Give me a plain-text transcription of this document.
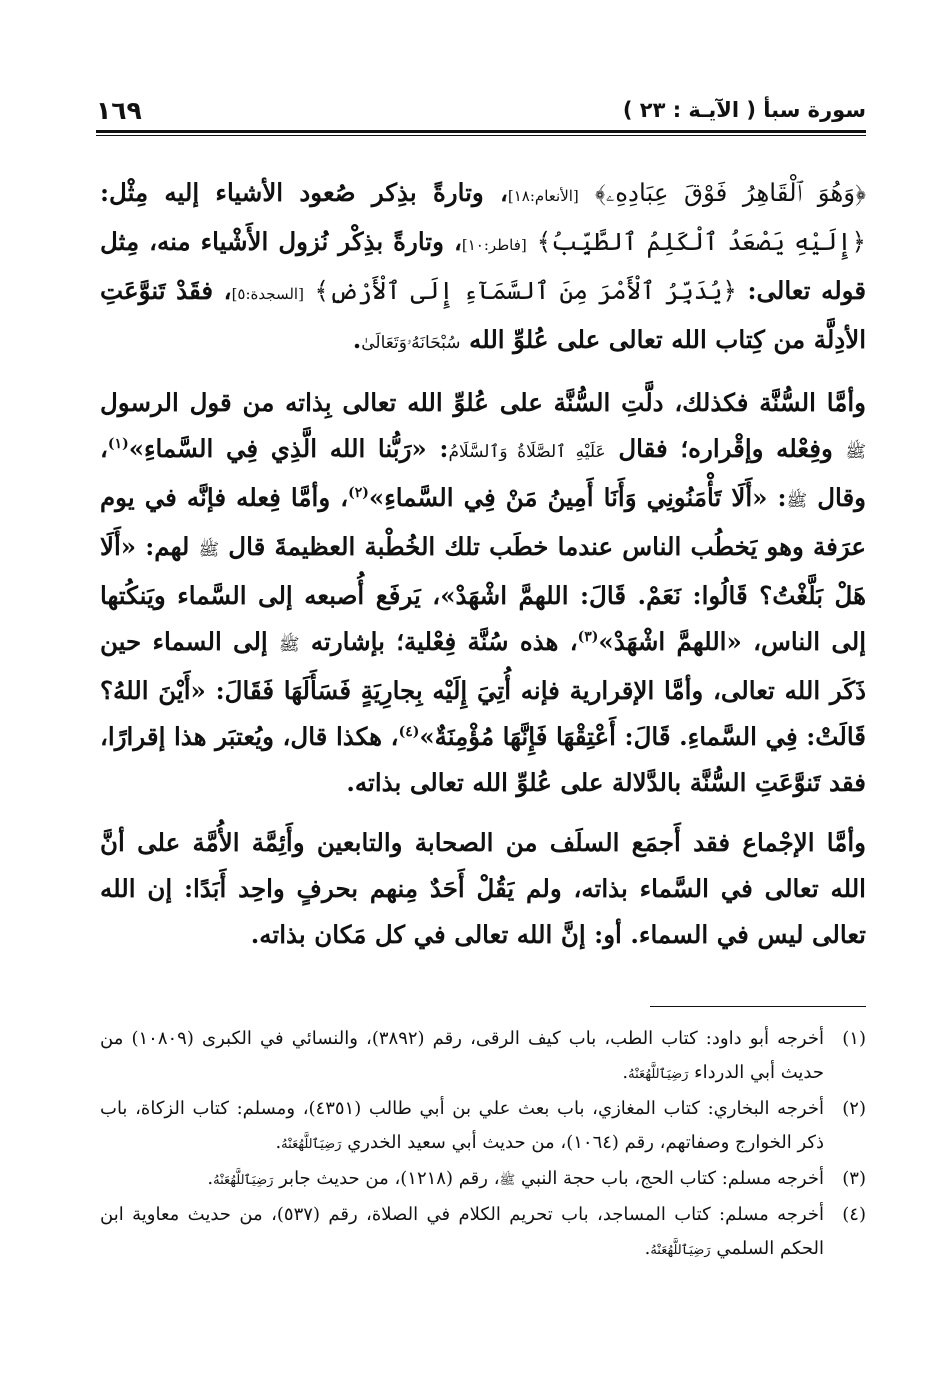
سورة سبأ ( الآيـة : ٢٣ )
١٦٩

﴿وَهُوَ ٱلْقَاهِرُ فَوْقَ عِبَادِهِۦ﴾ [الأنعام:١٨]، وتارةً بذِكر صُعود الأشياء إليه مِثْل: ﴿إِلَيْهِ يَصْعَدُ ٱلْكَلِمُ ٱلطَّيِّبُ﴾ [فاطر:١٠]، وتارةً بذِكْر نُزول الأَشْياء منه، مِثل قوله تعالى: ﴿يُدَبِّرُ ٱلْأَمْرَ مِنَ ٱلسَّمَآءِ إِلَى ٱلْأَرْضِ﴾ [السجدة:٥]، فقَدْ تَنوَّعَتِ الأدِلَّة من كِتاب الله تعالى على عُلوِّ الله سُبْحَانَهُۥوَتَعَالَىٰ.

وأمَّا السُّنَّة فكذلك، دلَّتِ السُّنَّة على عُلوِّ الله تعالى بِذاته من قول الرسول ﷺ وفِعْله وإقْراره؛ فقال عَلَيْهِ ٱلصَّلَاةُ وَٱلسَّلَامُ: «رَبُّنا الله الَّذِي فِي السَّماءِ»$^{(١)}$، وقال ﷺ: «أَلَا تَأْمَنُونِي وَأَنَا أَمِينُ مَنْ فِي السَّماءِ»$^{(٢)}$، وأمَّا فِعله فإنَّه في يوم عرَفة وهو يَخطُب الناس عندما خطَب تلك الخُطْبة العظيمةَ قال ﷺ لهم: «أَلَا هَلْ بَلَّغْتُ؟ قَالُوا: نَعَمْ. قَالَ: اللهمَّ اشْهَدْ»، يَرفَع أُصبعه إلى السَّماء ويَنكُتها إلى الناس، «اللهمَّ اشْهَدْ»$^{(٣)}$، هذه سُنَّة فِعْلية؛ بإشارته ﷺ إلى السماء حين ذَكَر الله تعالى، وأمَّا الإقرارية فإنه أُتِيَ إِلَيْه بِجارِيَةٍ فَسَأَلَهَا فَقَالَ: «أَيْنَ اللهُ؟ قَالَتْ: فِي السَّماءِ. قَالَ: أَعْتِقْهَا فَإِنَّهَا مُؤْمِنَةٌ»$^{(٤)}$، هكذا قال، ويُعتبَر هذا إقرارًا، فقد تَنوَّعَتِ السُّنَّة بالدَّلالة على عُلوِّ الله تعالى بذاته.

وأمَّا الإجْماع فقد أَجمَع السلَف من الصحابة والتابعين وأَئِمَّة الأُمَّة على أنَّ الله تعالى في السَّماء بذاته، ولم يَقُلْ أَحَدٌ مِنهم بحرفٍ واحِد أَبَدًا: إن الله تعالى ليس في السماء. أو: إنَّ الله تعالى في كل مَكان بذاته.

(١)
أخرجه أبو داود: كتاب الطب، باب كيف الرقى، رقم (٣٨٩٢)، والنسائي في الكبرى (١٠٨٠٩) من حديث أبي الدرداء رَضِيَٱللَّهُعَنْهُ.

(٢)
أخرجه البخاري: كتاب المغازي، باب بعث علي بن أبي طالب (٤٣٥١)، ومسلم: كتاب الزكاة، باب ذكر الخوارج وصفاتهم، رقم (١٠٦٤)، من حديث أبي سعيد الخدري رَضِيَٱللَّهُعَنْهُ.

(٣)
أخرجه مسلم: كتاب الحج، باب حجة النبي ﷺ، رقم (١٢١٨)، من حديث جابر رَضِيَٱللَّهُعَنْهُ.

(٤)
أخرجه مسلم: كتاب المساجد، باب تحريم الكلام في الصلاة، رقم (٥٣٧)، من حديث معاوية ابن الحكم السلمي رَضِيَٱللَّهُعَنْهُ.
